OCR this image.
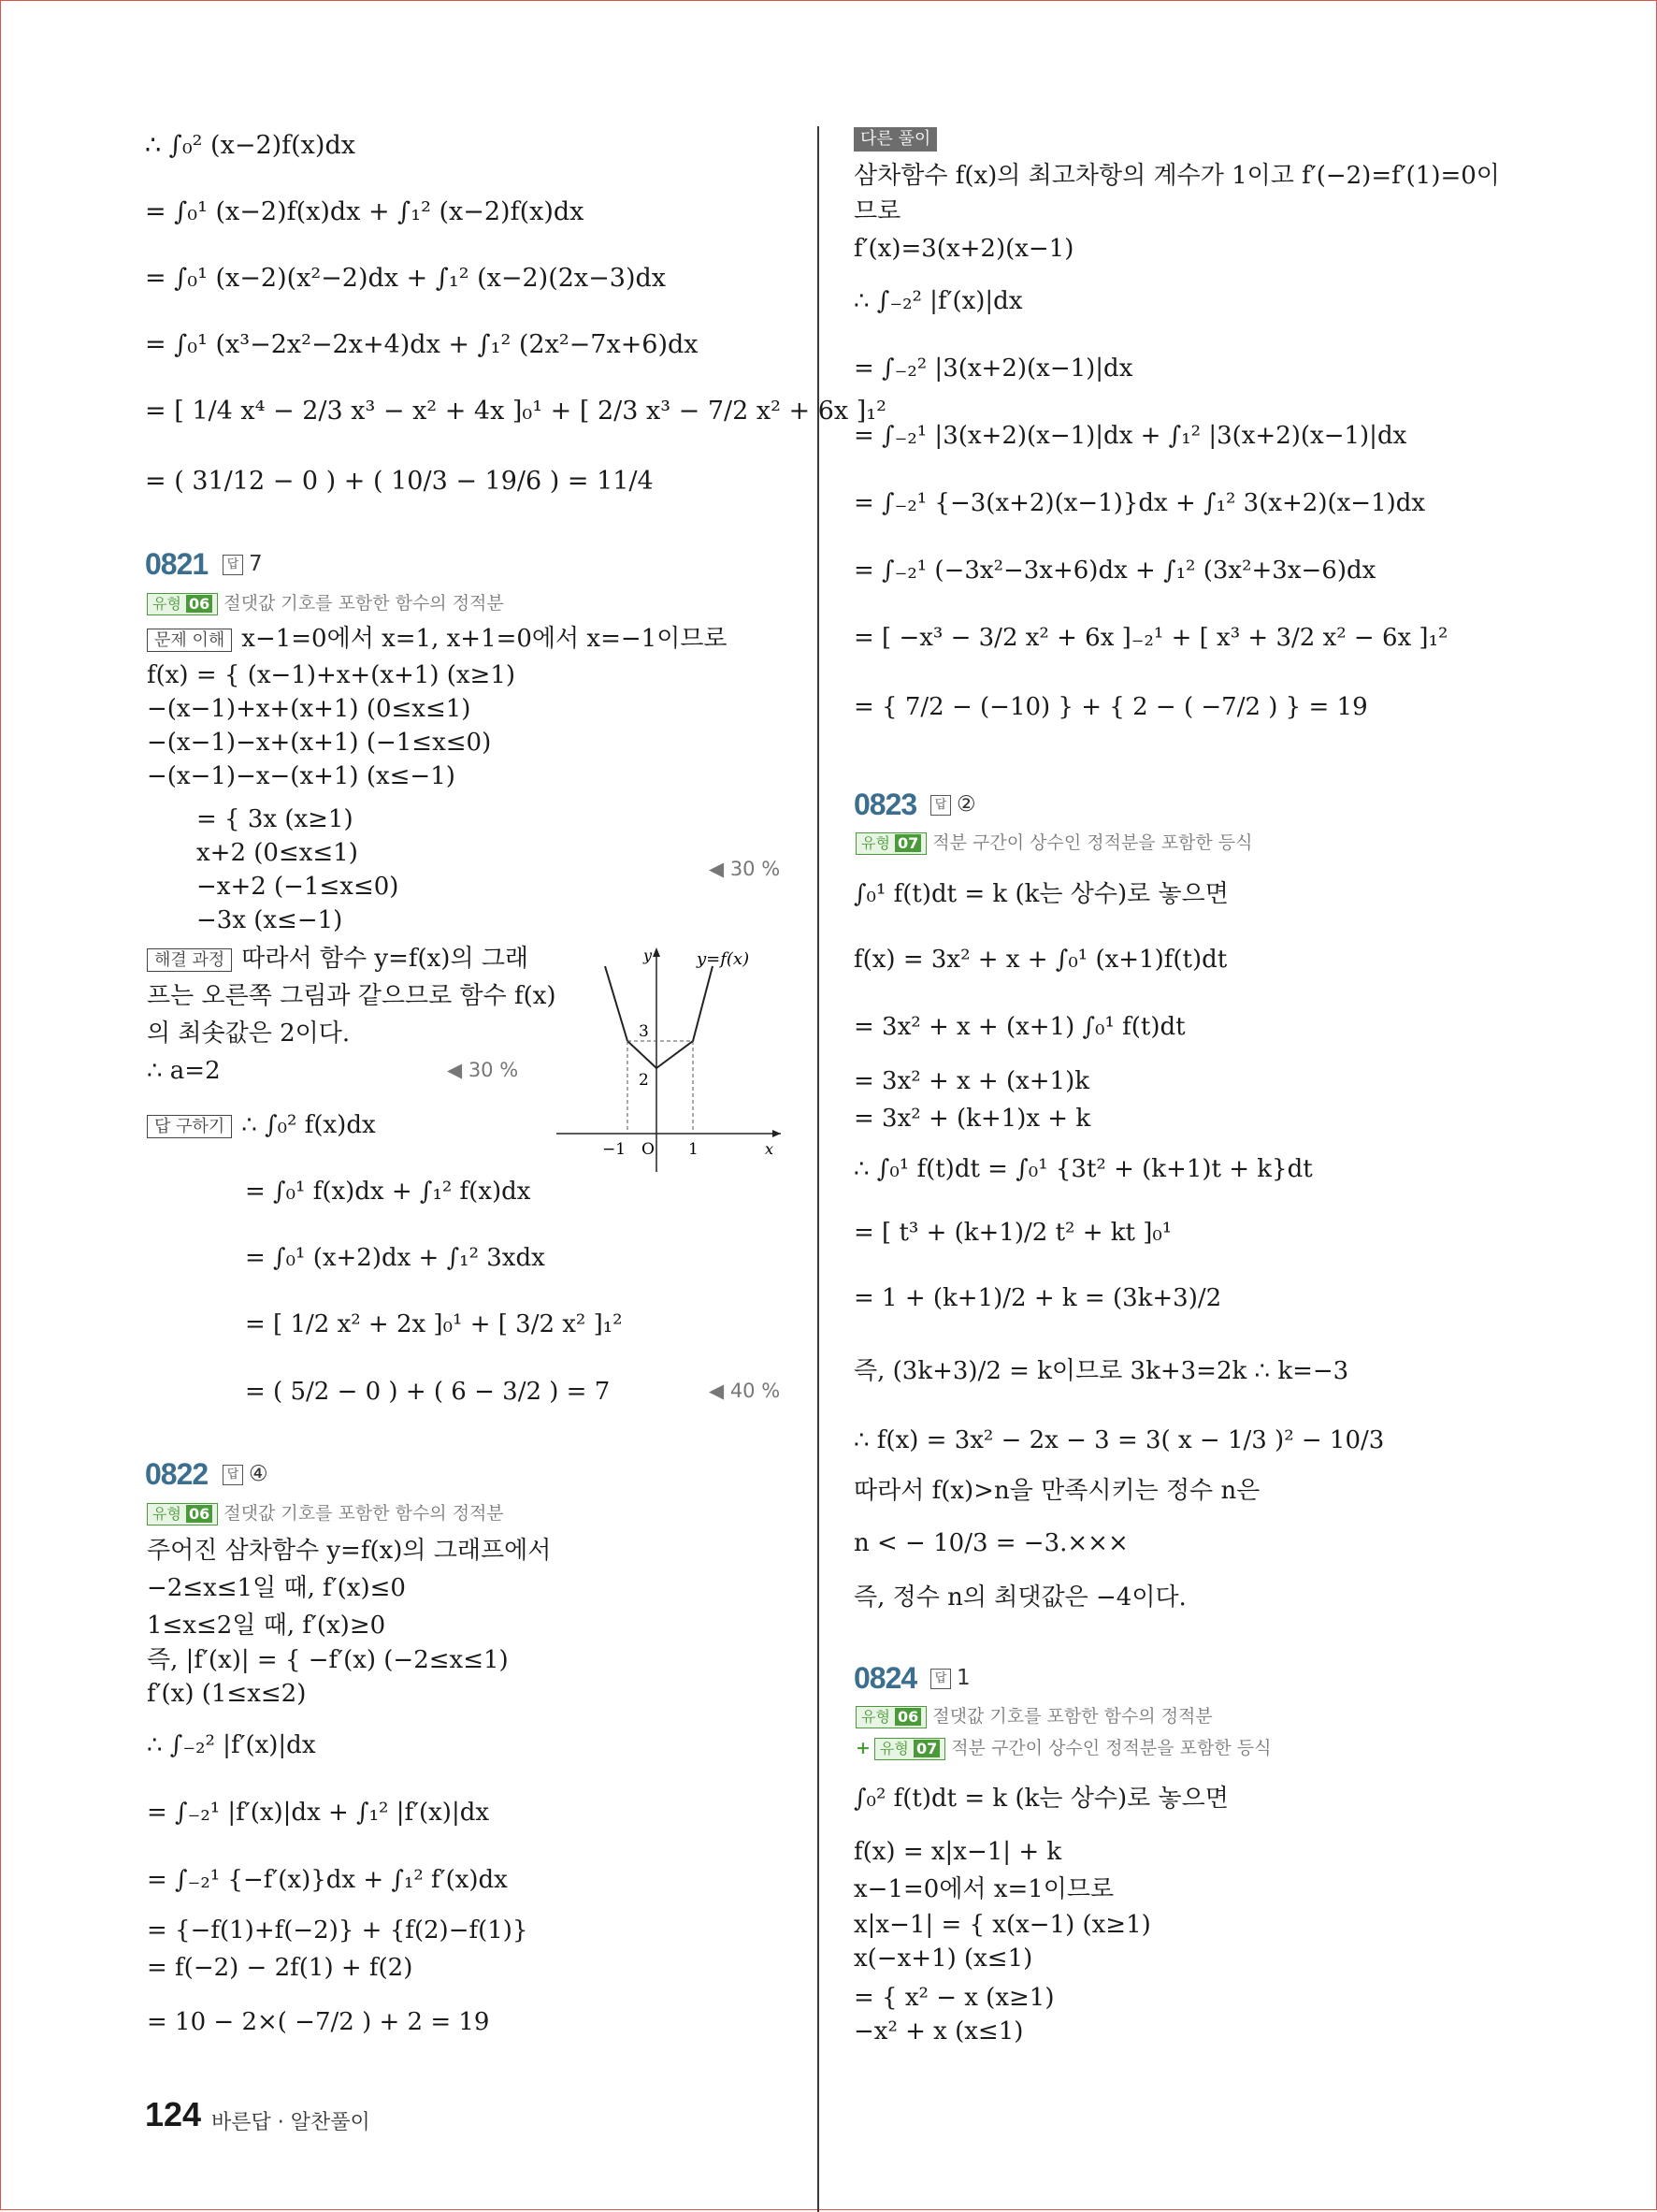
∴ ∫₀² (x−2)f(x)dx
= ∫₀¹ (x−2)f(x)dx + ∫₁² (x−2)f(x)dx
= ∫₀¹ (x−2)(x²−2)dx + ∫₁² (x−2)(2x−3)dx
= ∫₀¹ (x³−2x²−2x+4)dx + ∫₁² (2x²−7x+6)dx
= [ 1/4 x⁴ − 2/3 x³ − x² + 4x ]₀¹ + [ 2/3 x³ − 7/2 x² + 6x ]₁²
= ( 31/12 − 0 ) + ( 10/3 − 19/6 ) = 11/4
0821	답 7
유형 06 절댓값 기호를 포함한 함수의 정적분
문제 이해 x−1=0에서 x=1, x+1=0에서 x=−1이므로
f(x) = { (x−1)+x+(x+1) (x≥1)
−(x−1)+x+(x+1) (0≤x≤1)
−(x−1)−x+(x+1) (−1≤x≤0)
−(x−1)−x−(x+1) (x≤−1)
= { 3x (x≥1)
x+2 (0≤x≤1)
−x+2 (−1≤x≤0)
−3x (x≤−1)
◀ 30 %
해결 과정 따라서 함수 y=f(x)의 그래
프는 오른쪽 그림과 같으므로 함수 f(x)
의 최솟값은 2이다.
∴ a=2	◀ 30 %
y	y=f(x)
3
2
−1 O 1	x
답 구하기 ∴ ∫₀² f(x)dx
= ∫₀¹ f(x)dx + ∫₁² f(x)dx
= ∫₀¹ (x+2)dx + ∫₁² 3xdx
= [ 1/2 x² + 2x ]₀¹ + [ 3/2 x² ]₁²
= ( 5/2 − 0 ) + ( 6 − 3/2 ) = 7	◀ 40 %
0822	답 ④
유형 06 절댓값 기호를 포함한 함수의 정적분
주어진 삼차함수 y=f(x)의 그래프에서
−2≤x≤1일 때, f′(x)≤0
1≤x≤2일 때, f′(x)≥0
즉, |f′(x)| = { −f′(x) (−2≤x≤1)
f′(x) (1≤x≤2)
∴ ∫₋₂² |f′(x)|dx
= ∫₋₂¹ |f′(x)|dx + ∫₁² |f′(x)|dx
= ∫₋₂¹ {−f′(x)}dx + ∫₁² f′(x)dx
= {−f(1)+f(−2)} + {f(2)−f(1)}
= f(−2) − 2f(1) + f(2)
= 10 − 2×( −7/2 ) + 2 = 19
다른 풀이
삼차함수 f(x)의 최고차항의 계수가 1이고 f′(−2)=f′(1)=0이
므로
f′(x)=3(x+2)(x−1)
∴ ∫₋₂² |f′(x)|dx
= ∫₋₂² |3(x+2)(x−1)|dx
= ∫₋₂¹ |3(x+2)(x−1)|dx + ∫₁² |3(x+2)(x−1)|dx
= ∫₋₂¹ {−3(x+2)(x−1)}dx + ∫₁² 3(x+2)(x−1)dx
= ∫₋₂¹ (−3x²−3x+6)dx + ∫₁² (3x²+3x−6)dx
= [ −x³ − 3/2 x² + 6x ]₋₂¹ + [ x³ + 3/2 x² − 6x ]₁²
= { 7/2 − (−10) } + { 2 − ( −7/2 ) } = 19
0823	답 ②
유형 07 적분 구간이 상수인 정적분을 포함한 등식
∫₀¹ f(t)dt = k (k는 상수)로 놓으면
f(x) = 3x² + x + ∫₀¹ (x+1)f(t)dt
= 3x² + x + (x+1) ∫₀¹ f(t)dt
= 3x² + x + (x+1)k
= 3x² + (k+1)x + k
∴ ∫₀¹ f(t)dt = ∫₀¹ {3t² + (k+1)t + k}dt
= [ t³ + (k+1)/2 t² + kt ]₀¹
= 1 + (k+1)/2 + k = (3k+3)/2
즉, (3k+3)/2 = k이므로 3k+3=2k ∴ k=−3
∴ f(x) = 3x² − 2x − 3 = 3( x − 1/3 )² − 10/3
따라서 f(x)>n을 만족시키는 정수 n은
n < − 10/3 = −3.×××
즉, 정수 n의 최댓값은 −4이다.
0824	답 1
유형 06 절댓값 기호를 포함한 함수의 정적분
+ 유형 07 적분 구간이 상수인 정적분을 포함한 등식
∫₀² f(t)dt = k (k는 상수)로 놓으면
f(x) = x|x−1| + k
x−1=0에서 x=1이므로
x|x−1| = { x(x−1) (x≥1)
x(−x+1) (x≤1)
= { x² − x (x≥1)
−x² + x (x≤1)
124 바른답 · 알찬풀이
